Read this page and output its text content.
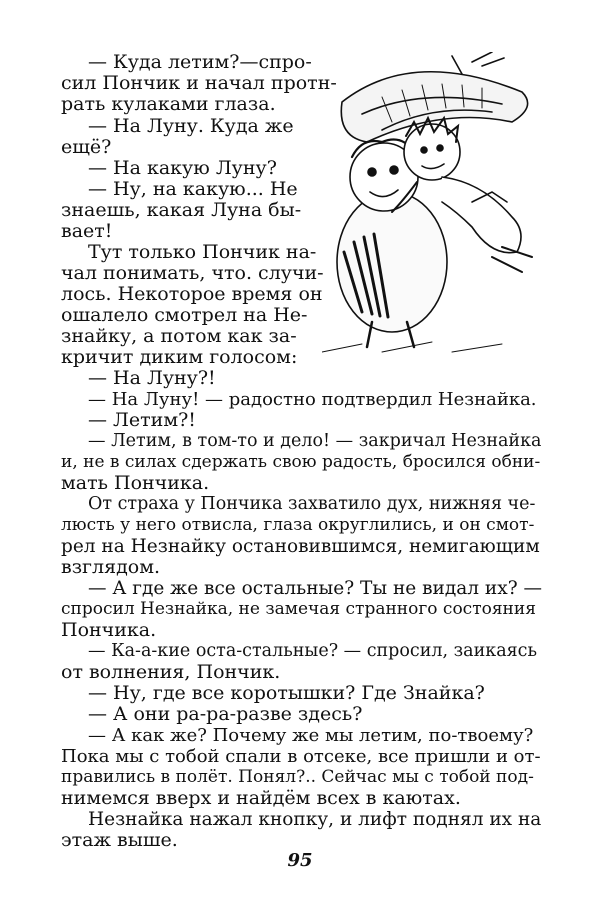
— Куда летим?—спро-

сил Пончик и начал протн-

рать кулаками глаза.

— На Луну. Куда же

ещё?

— На какую Луну?

— Ну, на какую... Не

знаешь, какая Луна бы-

вает!

Тут только Пончик на-

чал понимать, что. случи-

лось. Некоторое время он

ошалело смотрел на Не-

знайку, а потом как за-

кричит диким голосом:

— На Луну?!

— На Луну! — радостно подтвердил Незнайка.

— Летим?!

— Летим, в том-то и дело! — закричал Незнайка

и, не в силах сдержать свою радость, бросился обни-

мать Пончика.

От страха у Пончика захватило дух, нижняя че-

люсть у него отвисла, глаза округлились, и он смот-

рел на Незнайку остановившимся, немигающим

взглядом.

— А где же все остальные? Ты не видал их? —

спросил Незнайка, не замечая странного состояния

Пончика.

— Ка-а-кие оста-стальные? — спросил, заикаясь

от волнения, Пончик.

— Ну, где все коротышки? Где Знайка?

— А они ра-ра-разве здесь?

— А как же? Почему же мы летим, по-твоему?

Пока мы с тобой спали в отсеке, все пришли и от-

правились в полёт. Понял?.. Сейчас мы с тобой под-

нимемся вверх и найдём всех в каютах.

Незнайка нажал кнопку, и лифт поднял их на

этаж выше.

95
